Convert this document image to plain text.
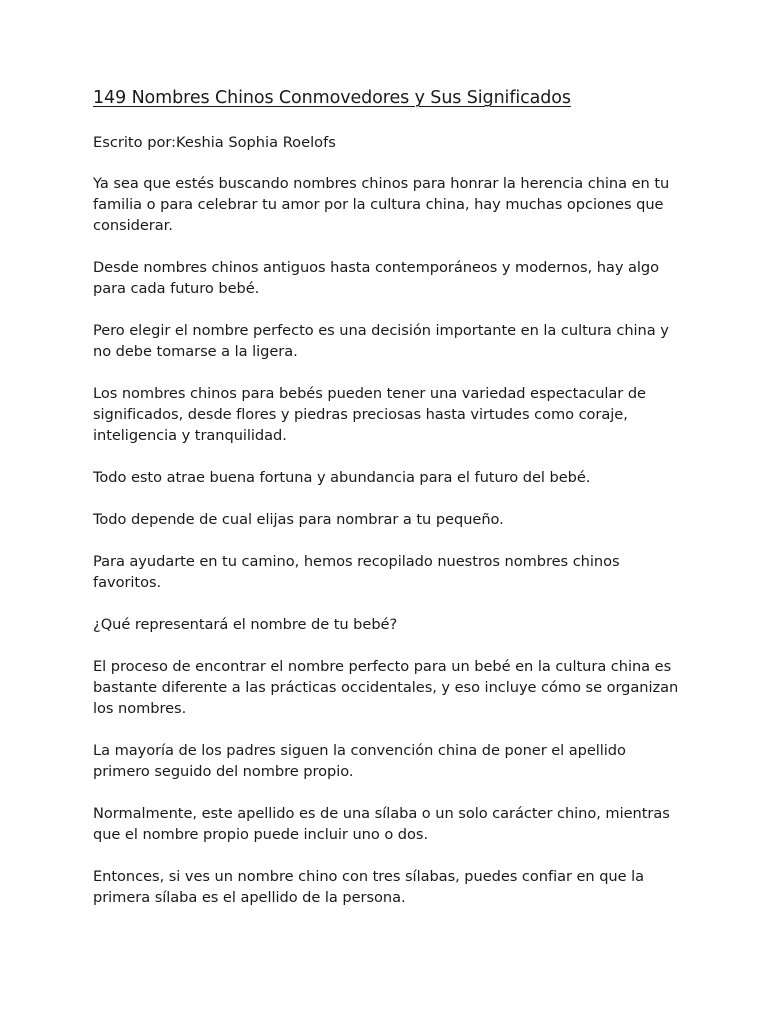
149 Nombres Chinos Conmovedores y Sus Significados

Escrito por:Keshia Sophia Roelofs

Ya sea que estés buscando nombres chinos para honrar la herencia china en tu familia o para celebrar tu amor por la cultura china, hay muchas opciones que considerar.

Desde nombres chinos antiguos hasta contemporáneos y modernos, hay algo para cada futuro bebé.

Pero elegir el nombre perfecto es una decisión importante en la cultura china y no debe tomarse a la ligera.

Los nombres chinos para bebés pueden tener una variedad espectacular de significados, desde flores y piedras preciosas hasta virtudes como coraje, inteligencia y tranquilidad.

Todo esto atrae buena fortuna y abundancia para el futuro del bebé.

Todo depende de cual elijas para nombrar a tu pequeño.

Para ayudarte en tu camino, hemos recopilado nuestros nombres chinos favoritos.

¿Qué representará el nombre de tu bebé?

El proceso de encontrar el nombre perfecto para un bebé en la cultura china es bastante diferente a las prácticas occidentales, y eso incluye cómo se organizan los nombres.

La mayoría de los padres siguen la convención china de poner el apellido primero seguido del nombre propio.

Normalmente, este apellido es de una sílaba o un solo carácter chino, mientras que el nombre propio puede incluir uno o dos.

Entonces, si ves un nombre chino con tres sílabas, puedes confiar en que la primera sílaba es el apellido de la persona.
